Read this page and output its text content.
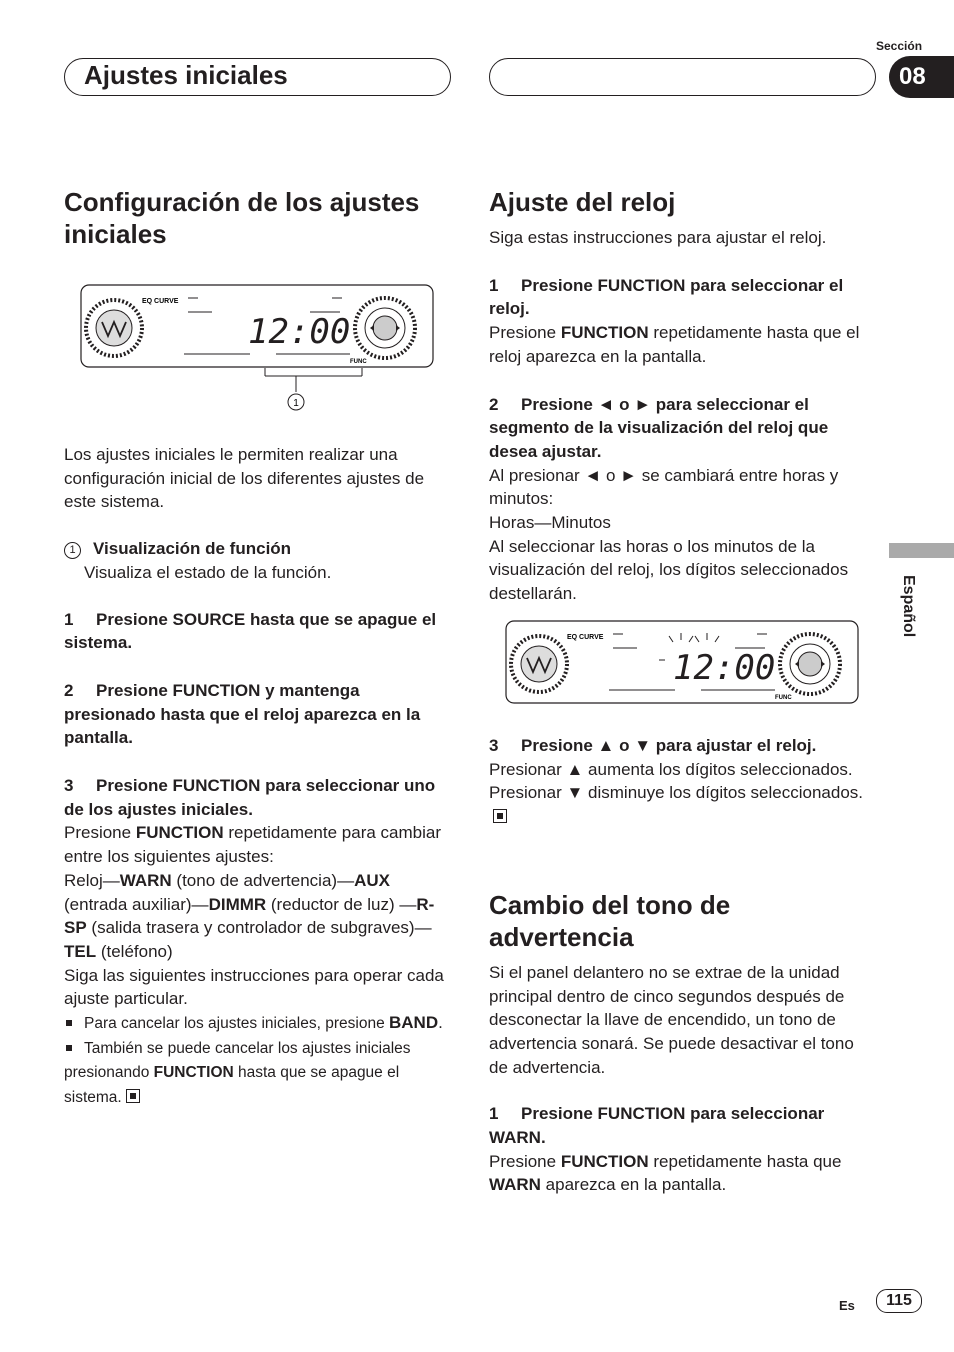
Ajustes iniciales
Sección
08
Configuración de los ajustes iniciales
EQ CURVE
12:00
FUNC
1

Los ajustes iniciales le permiten realizar una configuración inicial de los diferentes ajustes de este sistema.

1 Visualización de función

Visualiza el estado de la función.

1 Presione SOURCE hasta que se apague el sistema.

2 Presione FUNCTION y mantenga presionado hasta que el reloj aparezca en la pantalla.

3 Presione FUNCTION para seleccionar uno de los ajustes iniciales.

Presione FUNCTION repetidamente para cambiar entre los siguientes ajustes:

Reloj—WARN (tono de advertencia)—AUX (entrada auxiliar)—DIMMR (reductor de luz) —R-SP (salida trasera y controlador de subgraves)—TEL (teléfono)

Siga las siguientes instrucciones para operar cada ajuste particular.

Para cancelar los ajustes iniciales, presione BAND.

También se puede cancelar los ajustes iniciales presionando FUNCTION hasta que se apague el sistema.

Ajuste del reloj

Siga estas instrucciones para ajustar el reloj.

1 Presione FUNCTION para seleccionar el reloj.

Presione FUNCTION repetidamente hasta que el reloj aparezca en la pantalla.

2 Presione ◄ o ► para seleccionar el segmento de la visualización del reloj que desea ajustar.

Al presionar ◄ o ► se cambiará entre horas y minutos:

Horas—Minutos

Al seleccionar las horas o los minutos de la visualización del reloj, los dígitos seleccionados destellarán.

EQ CURVE
12:00
FUNC

3 Presione ▲ o ▼ para ajustar el reloj.

Presionar ▲ aumenta los dígitos seleccionados. Presionar ▼ disminuye los dígitos seleccionados.

Cambio del tono de advertencia

Si el panel delantero no se extrae de la unidad principal dentro de cinco segundos después de desconectar la llave de encendido, un tono de advertencia sonará. Se puede desactivar el tono de advertencia.

1 Presione FUNCTION para seleccionar WARN.

Presione FUNCTION repetidamente hasta que WARN aparezca en la pantalla.

Español
Es	115
